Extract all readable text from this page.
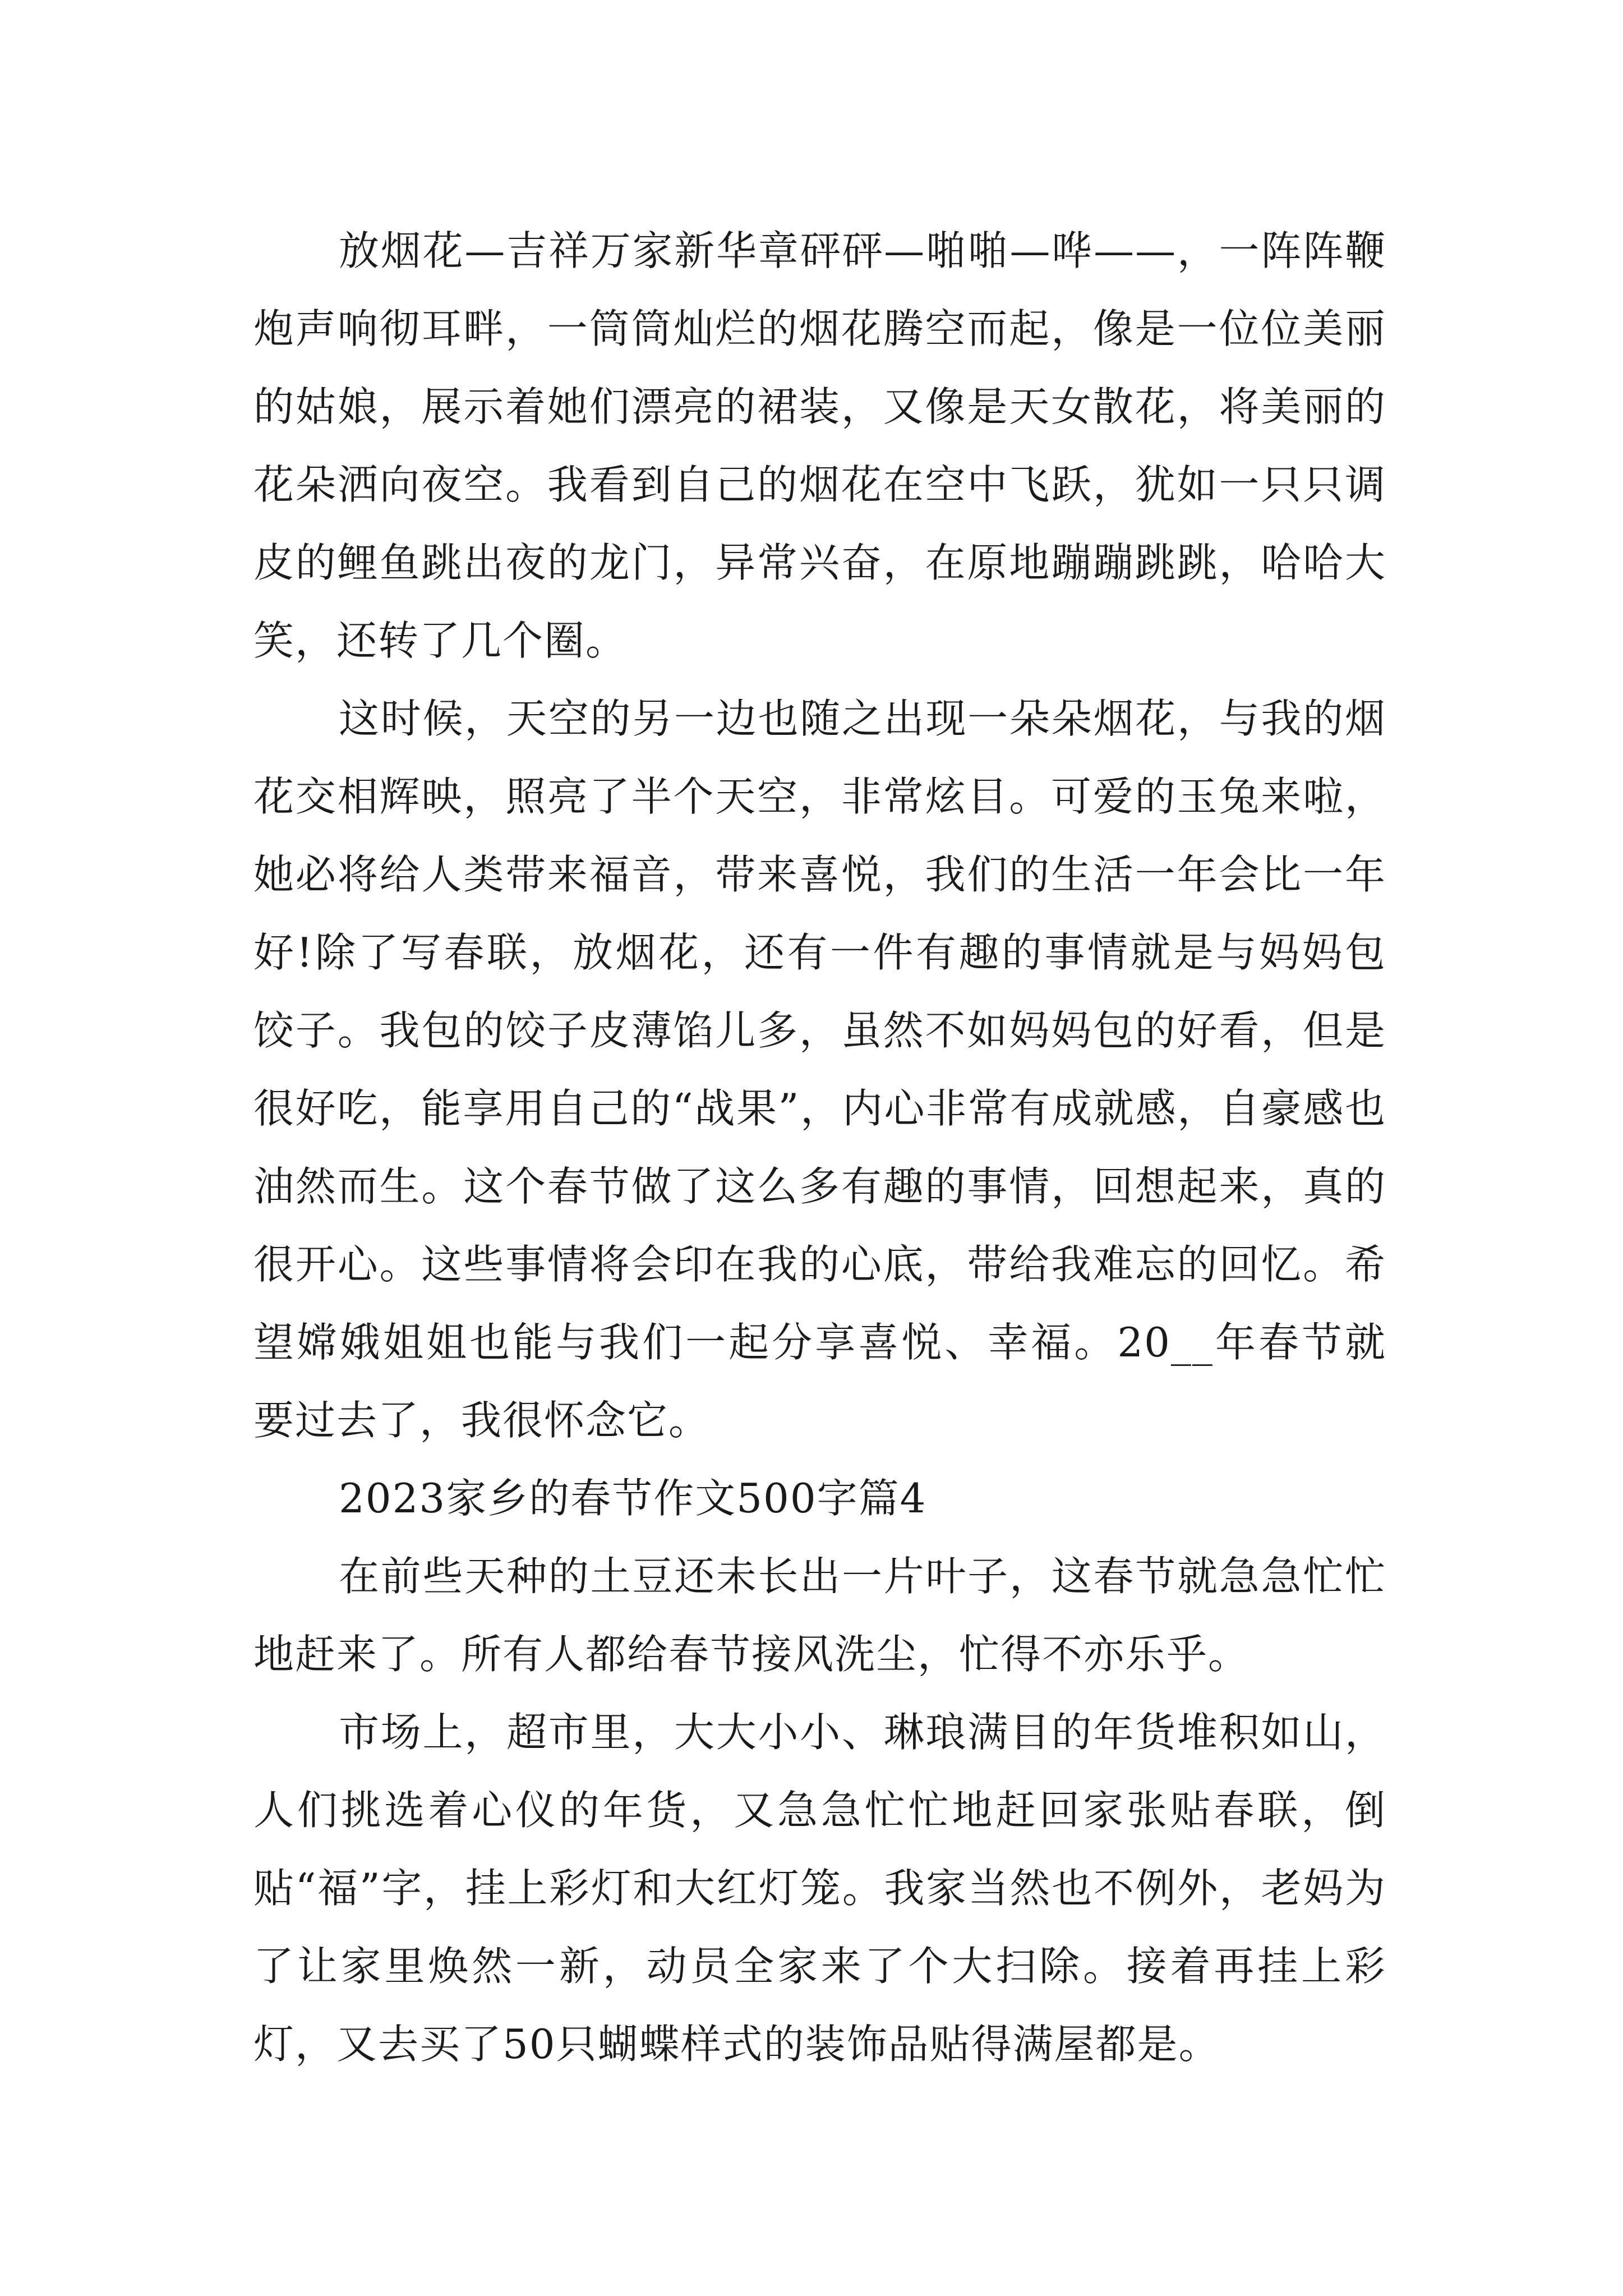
放烟花—吉祥万家新华章砰砰—啪啪—哗——，一阵阵鞭炮声响彻耳畔，一筒筒灿烂的烟花腾空而起，像是一位位美丽的姑娘，展示着她们漂亮的裙装，又像是天女散花，将美丽的花朵洒向夜空。我看到自己的烟花在空中飞跃，犹如一只只调皮的鲤鱼跳出夜的龙门，异常兴奋，在原地蹦蹦跳跳，哈哈大笑，还转了几个圈。

这时候，天空的另一边也随之出现一朵朵烟花，与我的烟花交相辉映，照亮了半个天空，非常炫目。可爱的玉兔来啦，她必将给人类带来福音，带来喜悦，我们的生活一年会比一年好!除了写春联，放烟花，还有一件有趣的事情就是与妈妈包饺子。我包的饺子皮薄馅儿多，虽然不如妈妈包的好看，但是很好吃，能享用自己的“战果”，内心非常有成就感，自豪感也油然而生。这个春节做了这么多有趣的事情，回想起来，真的很开心。这些事情将会印在我的心底，带给我难忘的回忆。希望嫦娥姐姐也能与我们一起分享喜悦、幸福。20__年春节就要过去了，我很怀念它。

2023家乡的春节作文500字篇4

在前些天种的土豆还未长出一片叶子，这春节就急急忙忙地赶来了。所有人都给春节接风洗尘，忙得不亦乐乎。

市场上，超市里，大大小小、琳琅满目的年货堆积如山，人们挑选着心仪的年货，又急急忙忙地赶回家张贴春联，倒贴“福”字，挂上彩灯和大红灯笼。我家当然也不例外，老妈为了让家里焕然一新，动员全家来了个大扫除。接着再挂上彩灯，又去买了50只蝴蝶样式的装饰品贴得满屋都是。
